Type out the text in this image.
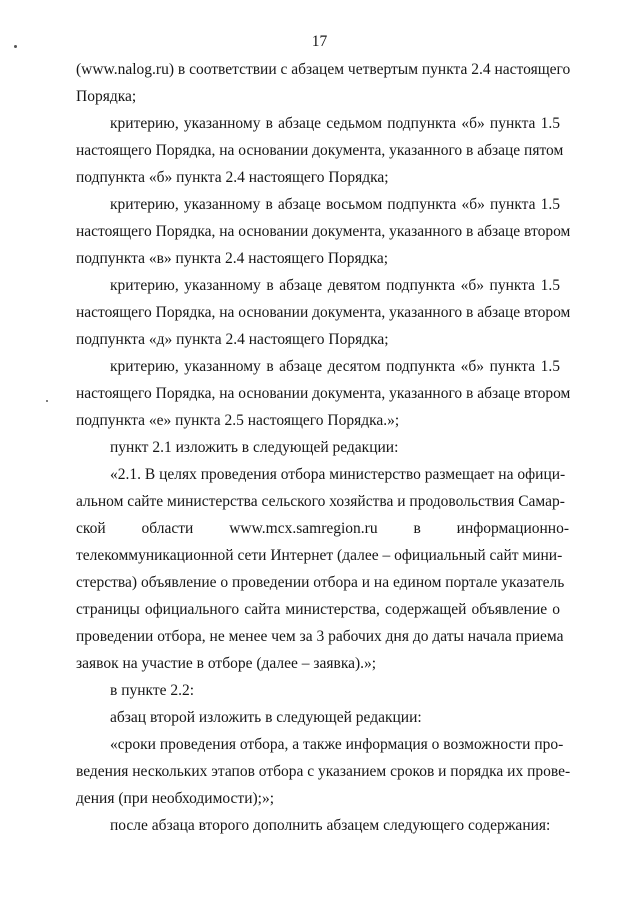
17
(www.nalog.ru) в соответствии с абзацем четвертым пункта 2.4 настоящего
Порядка;
критерию, указанному в абзаце седьмом подпункта «б» пункта 1.5
настоящего Порядка, на основании документа, указанного в абзаце пятом
подпункта «б» пункта 2.4 настоящего Порядка;
критерию, указанному в абзаце восьмом подпункта «б» пункта 1.5
настоящего Порядка, на основании документа, указанного в абзаце втором
подпункта «в» пункта 2.4 настоящего Порядка;
критерию, указанному в абзаце девятом подпункта «б» пункта 1.5
настоящего Порядка, на основании документа, указанного в абзаце втором
подпункта «д» пункта 2.4 настоящего Порядка;
критерию, указанному в абзаце десятом подпункта «б» пункта 1.5
настоящего Порядка, на основании документа, указанного в абзаце втором
подпункта «е» пункта 2.5 настоящего Порядка.»;
пункт 2.1 изложить в следующей редакции:
«2.1. В целях проведения отбора министерство размещает на офици-
альном сайте министерства сельского хозяйства и продовольствия Самар-
ской области www.mcx.samregion.ru в информационно-
телекоммуникационной сети Интернет (далее – официальный сайт мини-
стерства) объявление о проведении отбора и на едином портале указатель
страницы официального сайта министерства, содержащей объявление о
проведении отбора, не менее чем за 3 рабочих дня до даты начала приема
заявок на участие в отборе (далее – заявка).»;
в пункте 2.2:
абзац второй изложить в следующей редакции:
«сроки проведения отбора, а также информация о возможности про-
ведения нескольких этапов отбора с указанием сроков и порядка их прове-
дения (при необходимости);»;
после абзаца второго дополнить абзацем следующего содержания:
